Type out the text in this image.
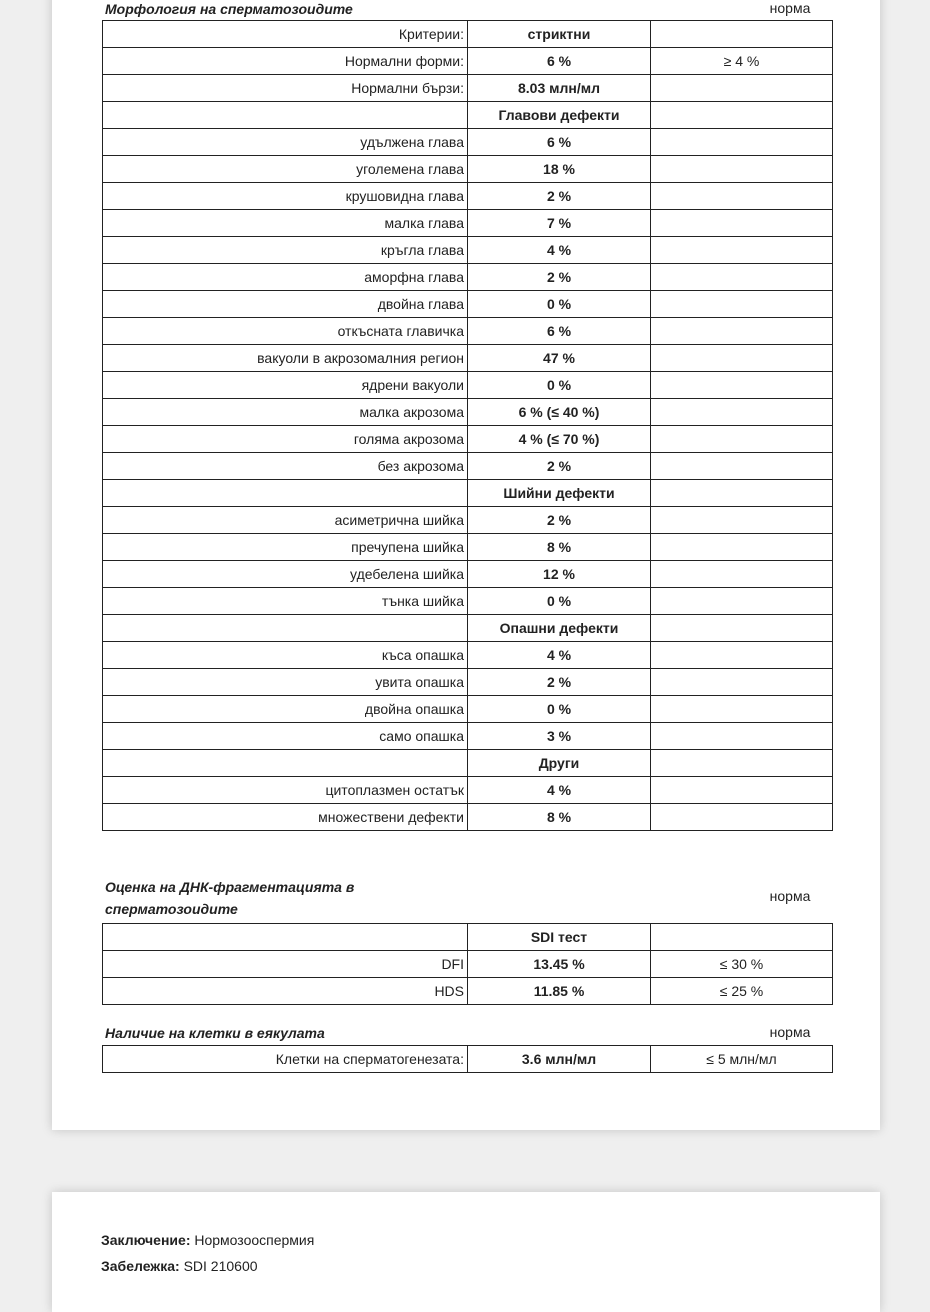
Морфология на сперматозоидите	норма
Критерии:	стриктни	
Нормални форми:	6 %	≥ 4 %
Нормални бързи:	8.03 млн/мл	
	Главови дефекти	
удължена глава	6 %	
уголемена глава	18 %	
крушовидна глава	2 %	
малка глава	7 %	
кръгла глава	4 %	
аморфна глава	2 %	
двойна глава	0 %	
откъсната главичка	6 %	
вакуоли в акрозомалния регион	47 %	
ядрени вакуоли	0 %	
малка акрозома	6 % (≤ 40 %)	
голяма акрозома	4 % (≤ 70 %)	
без акрозома	2 %	
	Шийни дефекти	
асиметрична шийка	2 %	
пречупена шийка	8 %	
удебелена шийка	12 %	
тънка шийка	0 %	
	Опашни дефекти	
къса опашка	4 %	
увита опашка	2 %	
двойна опашка	0 %	
само опашка	3 %	
	Други	
цитоплазмен остатък	4 %	
множествени дефекти	8 %	
Оценка на ДНК-фрагментацията в
сперматозоидите
норма
	SDI тест	
DFI	13.45 %	≤ 30 %
HDS	11.85 %	≤ 25 %
Наличие на клетки в еякулата	норма
Клетки на сперматогенезата:	3.6 млн/мл	≤ 5 млн/мл
Заключение: Нормозооспермия
Забележка: SDI 210600
